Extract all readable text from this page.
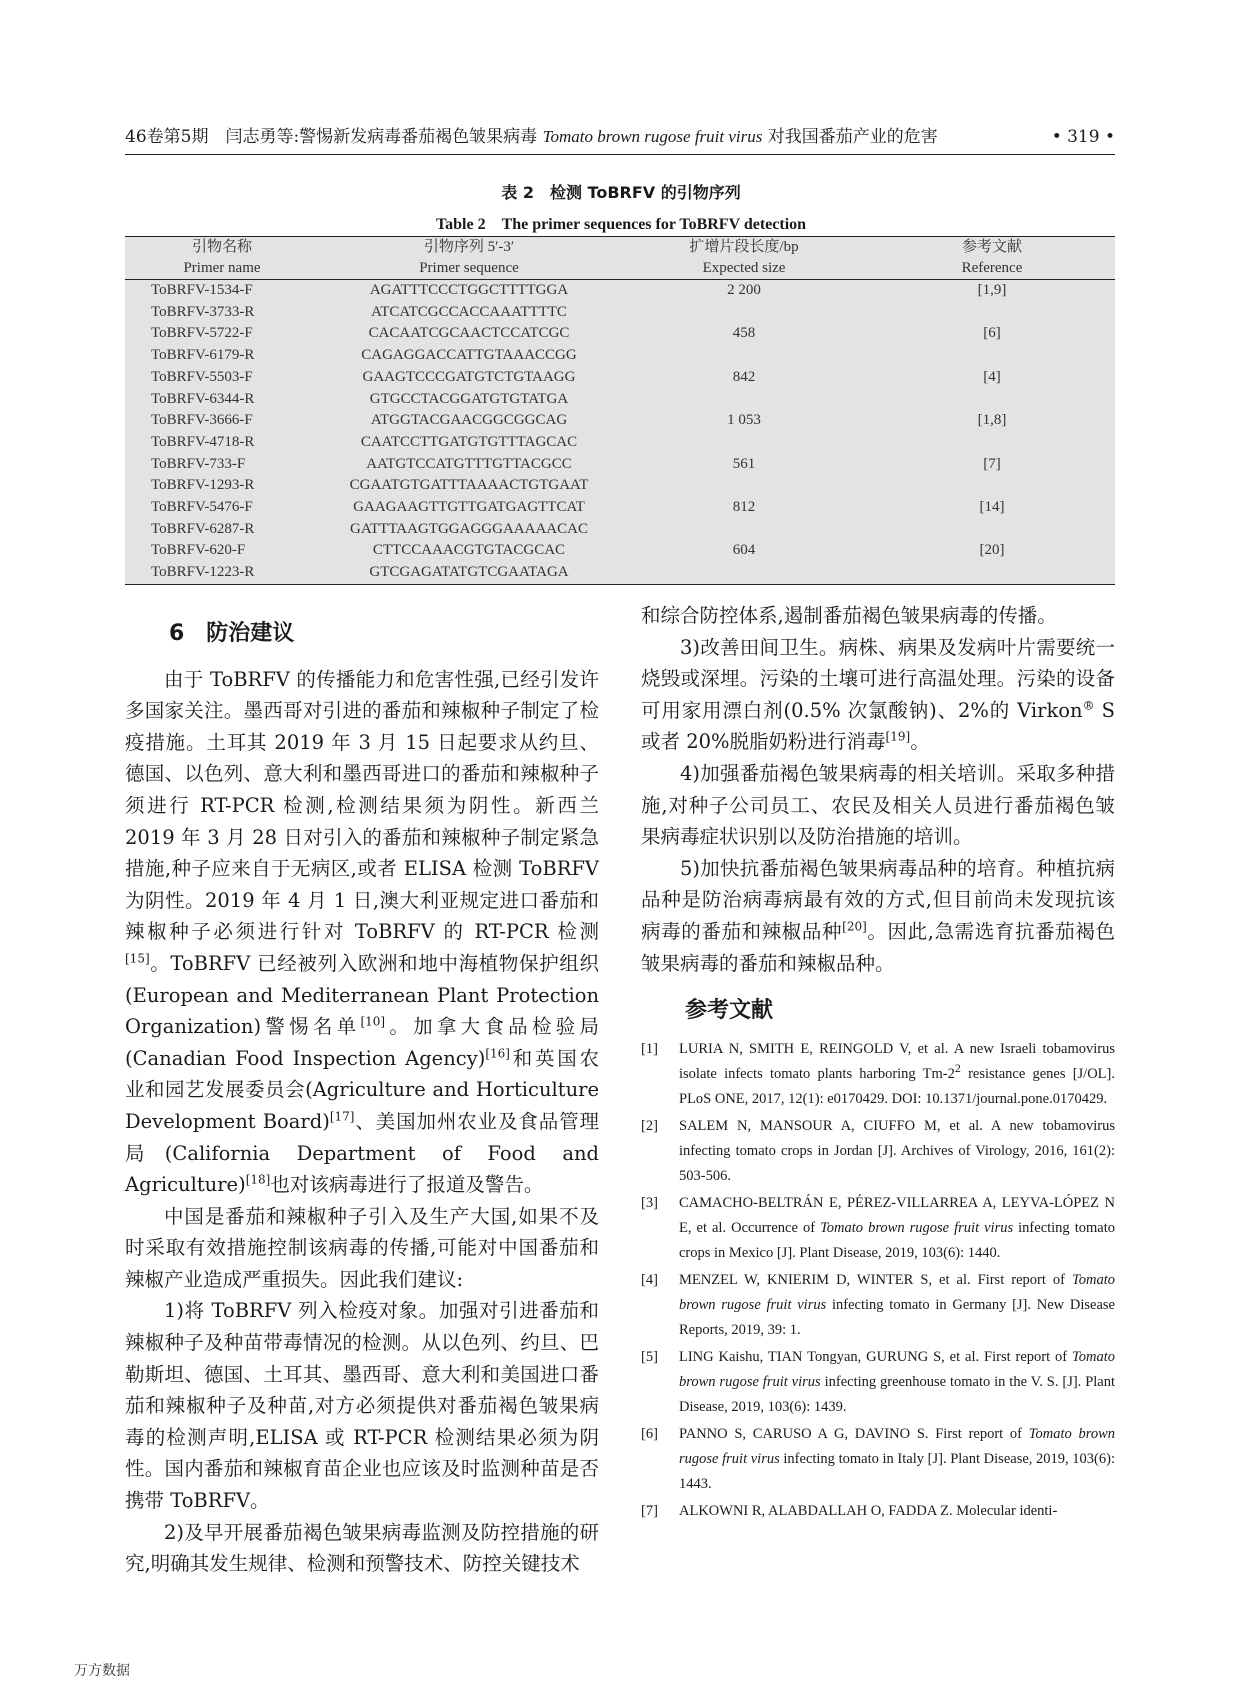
46卷第5期　闫志勇等:警惕新发病毒番茄褐色皱果病毒 Tomato brown rugose fruit virus 对我国番茄产业的危害	• 319 •
表 2　检测 ToBRFV 的引物序列
Table 2　The primer sequences for ToBRFV detection
引物名称	引物序列 5′-3′	扩增片段长度/bp	参考文献
Primer name	Primer sequence	Expected size	Reference
ToBRFV-1534-F	AGATTTCCCTGGCTTTTGGA	2 200	[1,9]
ToBRFV-3733-R	ATCATCGCCACCAAATTTTC		
ToBRFV-5722-F	CACAATCGCAACTCCATCGC	458	[6]
ToBRFV-6179-R	CAGAGGACCATTGTAAACCGG		
ToBRFV-5503-F	GAAGTCCCGATGTCTGTAAGG	842	[4]
ToBRFV-6344-R	GTGCCTACGGATGTGTATGA		
ToBRFV-3666-F	ATGGTACGAACGGCGGCAG	1 053	[1,8]
ToBRFV-4718-R	CAATCCTTGATGTGTTTAGCAC		
ToBRFV-733-F	AATGTCCATGTTTGTTACGCC	561	[7]
ToBRFV-1293-R	CGAATGTGATTTAAAACTGTGAAT		
ToBRFV-5476-F	GAAGAAGTTGTTGATGAGTTCAT	812	[14]
ToBRFV-6287-R	GATTTAAGTGGAGGGAAAAACAC		
ToBRFV-620-F	CTTCCAAACGTGTACGCAC	604	[20]
ToBRFV-1223-R	GTCGAGATATGTCGAATAGA		

6　防治建议

由于 ToBRFV 的传播能力和危害性强,已经引发许多国家关注。墨西哥对引进的番茄和辣椒种子制定了检疫措施。土耳其 2019 年 3 月 15 日起要求从约旦、德国、以色列、意大利和墨西哥进口的番茄和辣椒种子须进行 RT-PCR 检测,检测结果须为阴性。新西兰 2019 年 3 月 28 日对引入的番茄和辣椒种子制定紧急措施,种子应来自于无病区,或者 ELISA 检测 ToBRFV 为阴性。2019 年 4 月 1 日,澳大利亚规定进口番茄和辣椒种子必须进行针对 ToBRFV 的 RT-PCR 检测[15]。ToBRFV 已经被列入欧洲和地中海植物保护组织(European and Mediterranean Plant Protection Organization)警惕名单[10]。加拿大食品检验局(Canadian Food Inspection Agency)[16]和英国农业和园艺发展委员会(Agriculture and Horticulture Development Board)[17]、美国加州农业及食品管理局(California Department of Food and Agriculture)[18]也对该病毒进行了报道及警告。

中国是番茄和辣椒种子引入及生产大国,如果不及时采取有效措施控制该病毒的传播,可能对中国番茄和辣椒产业造成严重损失。因此我们建议:

1)将 ToBRFV 列入检疫对象。加强对引进番茄和辣椒种子及种苗带毒情况的检测。从以色列、约旦、巴勒斯坦、德国、土耳其、墨西哥、意大利和美国进口番茄和辣椒种子及种苗,对方必须提供对番茄褐色皱果病毒的检测声明,ELISA 或 RT-PCR 检测结果必须为阴性。国内番茄和辣椒育苗企业也应该及时监测种苗是否携带 ToBRFV。

2)及早开展番茄褐色皱果病毒监测及防控措施的研究,明确其发生规律、检测和预警技术、防控关键技术

和综合防控体系,遏制番茄褐色皱果病毒的传播。

3)改善田间卫生。病株、病果及发病叶片需要统一烧毁或深埋。污染的土壤可进行高温处理。污染的设备可用家用漂白剂(0.5% 次氯酸钠)、2%的 Virkon® S 或者 20%脱脂奶粉进行消毒[19]。

4)加强番茄褐色皱果病毒的相关培训。采取多种措施,对种子公司员工、农民及相关人员进行番茄褐色皱果病毒症状识别以及防治措施的培训。

5)加快抗番茄褐色皱果病毒品种的培育。种植抗病品种是防治病毒病最有效的方式,但目前尚未发现抗该病毒的番茄和辣椒品种[20]。因此,急需选育抗番茄褐色皱果病毒的番茄和辣椒品种。

参考文献

[1]	LURIA N, SMITH E, REINGOLD V, et al. A new Israeli tobamovirus isolate infects tomato plants harboring $Tm-2^2$ resistance genes [J/OL]. PLoS ONE, 2017, 12(1): e0170429. DOI: 10.1371/journal.pone.0170429.
[2]	SALEM N, MANSOUR A, CIUFFO M, et al. A new tobamovirus infecting tomato crops in Jordan [J]. Archives of Virology, 2016, 161(2): 503-506.
[3]	CAMACHO-BELTRÁN E, PÉREZ-VILLARREA A, LEYVA-LÓPEZ N E, et al. Occurrence of Tomato brown rugose fruit virus infecting tomato crops in Mexico [J]. Plant Disease, 2019, 103(6): 1440.
[4]	MENZEL W, KNIERIM D, WINTER S, et al. First report of Tomato brown rugose fruit virus infecting tomato in Germany [J]. New Disease Reports, 2019, 39: 1.
[5]	LING Kaishu, TIAN Tongyan, GURUNG S, et al. First report of Tomato brown rugose fruit virus infecting greenhouse tomato in the V. S. [J]. Plant Disease, 2019, 103(6): 1439.
[6]	PANNO S, CARUSO A G, DAVINO S. First report of Tomato brown rugose fruit virus infecting tomato in Italy [J]. Plant Disease, 2019, 103(6): 1443.
[7]	ALKOWNI R, ALABDALLAH O, FADDA Z. Molecular identi-
万方数据
